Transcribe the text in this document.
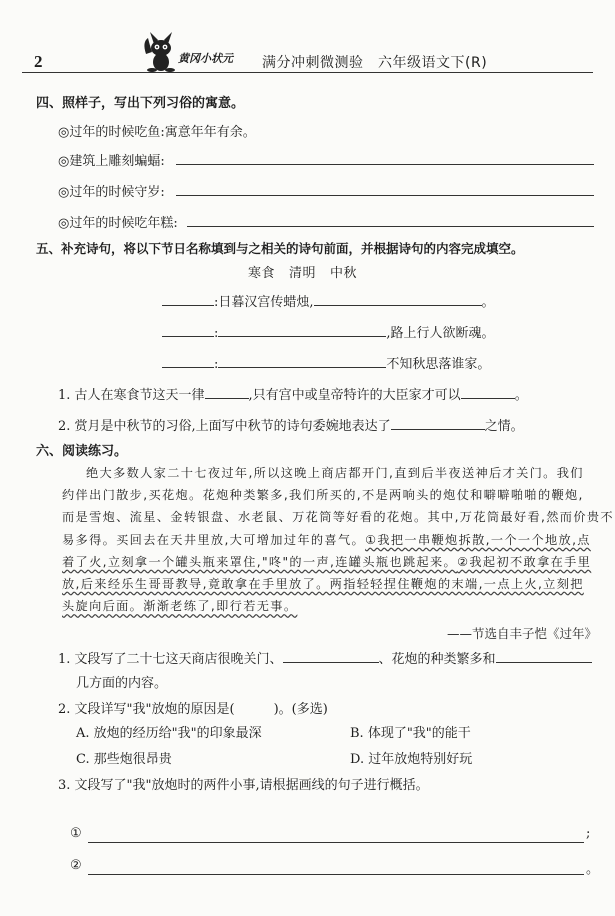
2	黄冈小状元 满分冲刺微测验　六年级语文下(R)
四、照样子，写出下列习俗的寓意。
◎过年的时候吃鱼:寓意年年有余。
◎建筑上雕刻蝙蝠:
◎过年的时候守岁:
◎过年的时候吃年糕:
五、补充诗句，将以下节日名称填到与之相关的诗句前面，并根据诗句的内容完成填空。
寒食 清明 中秋
:日暮汉宫传蜡烛,	。
:	,路上行人欲断魂。
:	不知秋思落谁家。
1. 古人在寒食节这天一律	,只有宫中或皇帝特许的大臣家才可以	。
2. 赏月是中秋节的习俗,上面写中秋节的诗句委婉地表达了	之情。
六、阅读练习。

绝大多数人家二十七夜过年,所以这晚上商店都开门,直到后半夜送神后才关门。我们

约伴出门散步,买花炮。花炮种类繁多,我们所买的,不是两响头的炮仗和噼噼啪啪的鞭炮,

而是雪炮、流星、金转银盘、水老鼠、万花筒等好看的花炮。其中,万花筒最好看,然而价贵不

易多得。买回去在天井里放,大可增加过年的喜气。①我把一串鞭炮拆散,一个一个地放,点

着了火,立刻拿一个罐头瓶来罩住,"咚"的一声,连罐头瓶也跳起来。②我起初不敢拿在手里

放,后来经乐生哥哥教导,竟敢拿在手里放了。两指轻轻捏住鞭炮的末端,一点上火,立刻把

头旋向后面。渐渐老练了,即行若无事。

——节选自丰子恺《过年》
1. 文段写了二十七这天商店很晚关门、	、花炮的种类繁多和
几方面的内容。
2. 文段详写"我"放炮的原因是(　　　)。(多选)
A. 放炮的经历给"我"的印象最深	B. 体现了"我"的能干
C. 那些炮很昂贵	D. 过年放炮特别好玩
3. 文段写了"我"放炮时的两件小事,请根据画线的句子进行概括。
①	;
②	。
